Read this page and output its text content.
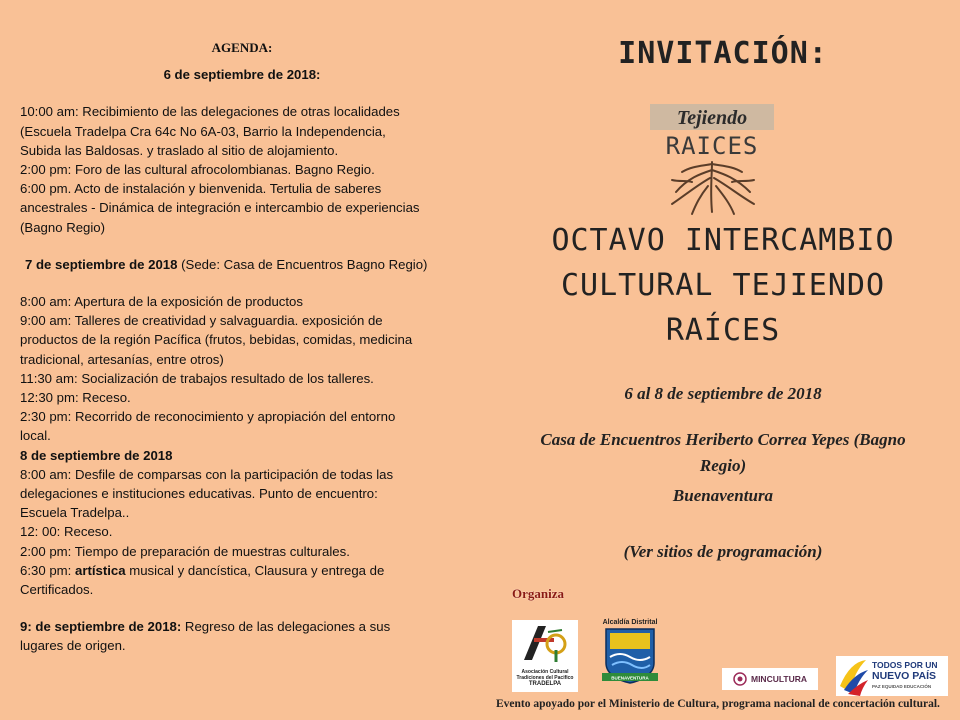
AGENDA:
6 de septiembre de 2018:
10:00 am: Recibimiento de las delegaciones de otras localidades
(Escuela Tradelpa Cra 64c No 6A-03, Barrio la Independencia,
Subida las Baldosas. y traslado al sitio de alojamiento.
2:00 pm: Foro de las cultural afrocolombianas. Bagno Regio.
6:00 pm. Acto de instalación y bienvenida. Tertulia de saberes
ancestrales - Dinámica de integración e intercambio de experiencias
(Bagno Regio)
7 de septiembre de 2018 (Sede: Casa de Encuentros Bagno Regio)
8:00 am: Apertura de la exposición de productos
9:00 am: Talleres de creatividad y salvaguardia. exposición de
productos de la región Pacífica (frutos, bebidas, comidas, medicina
tradicional, artesanías, entre otros)
11:30 am: Socialización de trabajos resultado de los talleres.
12:30 pm: Receso.
2:30 pm: Recorrido de reconocimiento y apropiación del entorno
local.
8 de septiembre de 2018
8:00 am: Desfile de comparsas con la participación de todas las
delegaciones e instituciones educativas. Punto de encuentro:
Escuela Tradelpa..
12: 00: Receso.
2:00 pm: Tiempo de preparación de muestras culturales.
6:30 pm: artística musical y dancística, Clausura y entrega de
Certificados.
9: de septiembre de 2018: Regreso de las delegaciones a sus
lugares de origen.
INVITACIÓN:
Tejiendo
RAICES
OCTAVO INTERCAMBIO
CULTURAL TEJIENDO
RAÍCES
6 al 8 de septiembre de 2018
Casa de Encuentros Heriberto Correa Yepes (Bagno
Regio)
Buenaventura
(Ver sitios de programación)
Organiza
Asociación Cultural
Tradiciones del Pacifico
TRADELPA
Alcaldía Distrital
BUENAVENTURA	MINCULTURA
TODOS POR UN
NUEVO PAÍS
PAZ EQUIDAD EDUCACIÓN
Evento apoyado por el Ministerio de Cultura, programa nacional de concertación cultural.
